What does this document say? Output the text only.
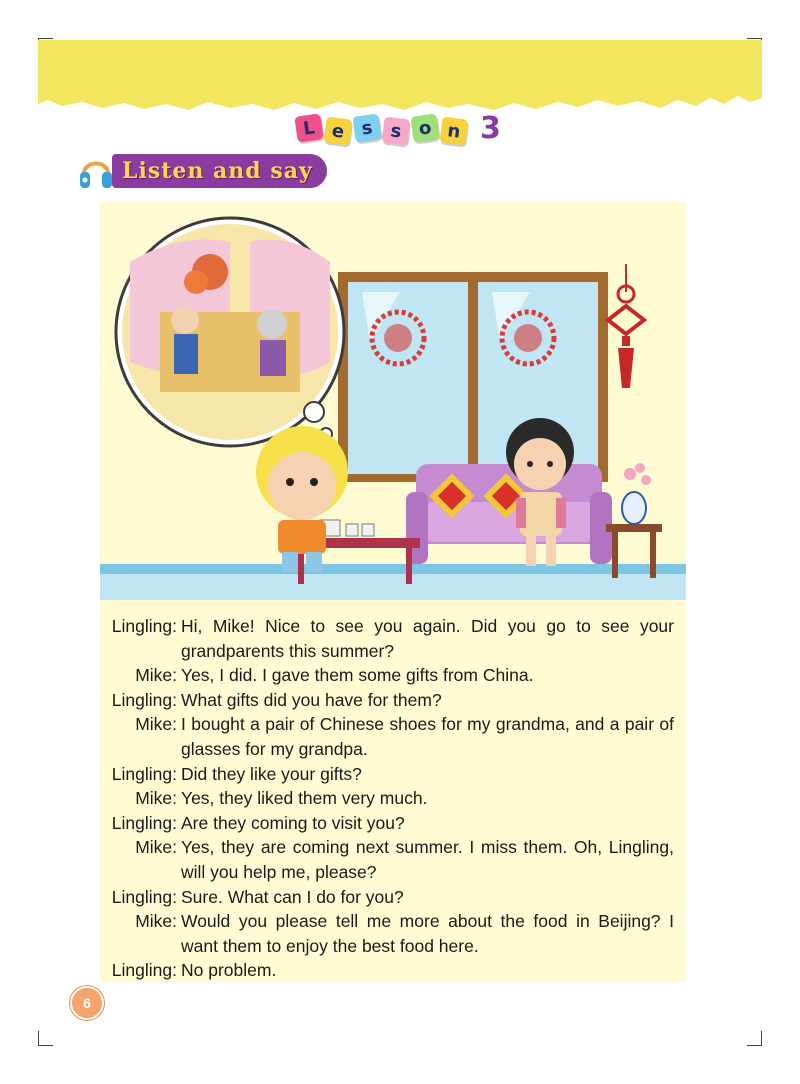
L e s s o n 3
Listen and say
Lingling: Hi, Mike! Nice to see you again. Did you go to see your grandparents this summer?
Mike: Yes, I did. I gave them some gifts from China.
Lingling: What gifts did you have for them?
Mike: I bought a pair of Chinese shoes for my grandma, and a pair of glasses for my grandpa.
Lingling: Did they like your gifts?
Mike: Yes, they liked them very much.
Lingling: Are they coming to visit you?
Mike: Yes, they are coming next summer. I miss them. Oh, Lingling, will you help me, please?
Lingling: Sure. What can I do for you?
Mike: Would you please tell me more about the food in Beijing? I want them to enjoy the best food here.
Lingling: No problem.
6
